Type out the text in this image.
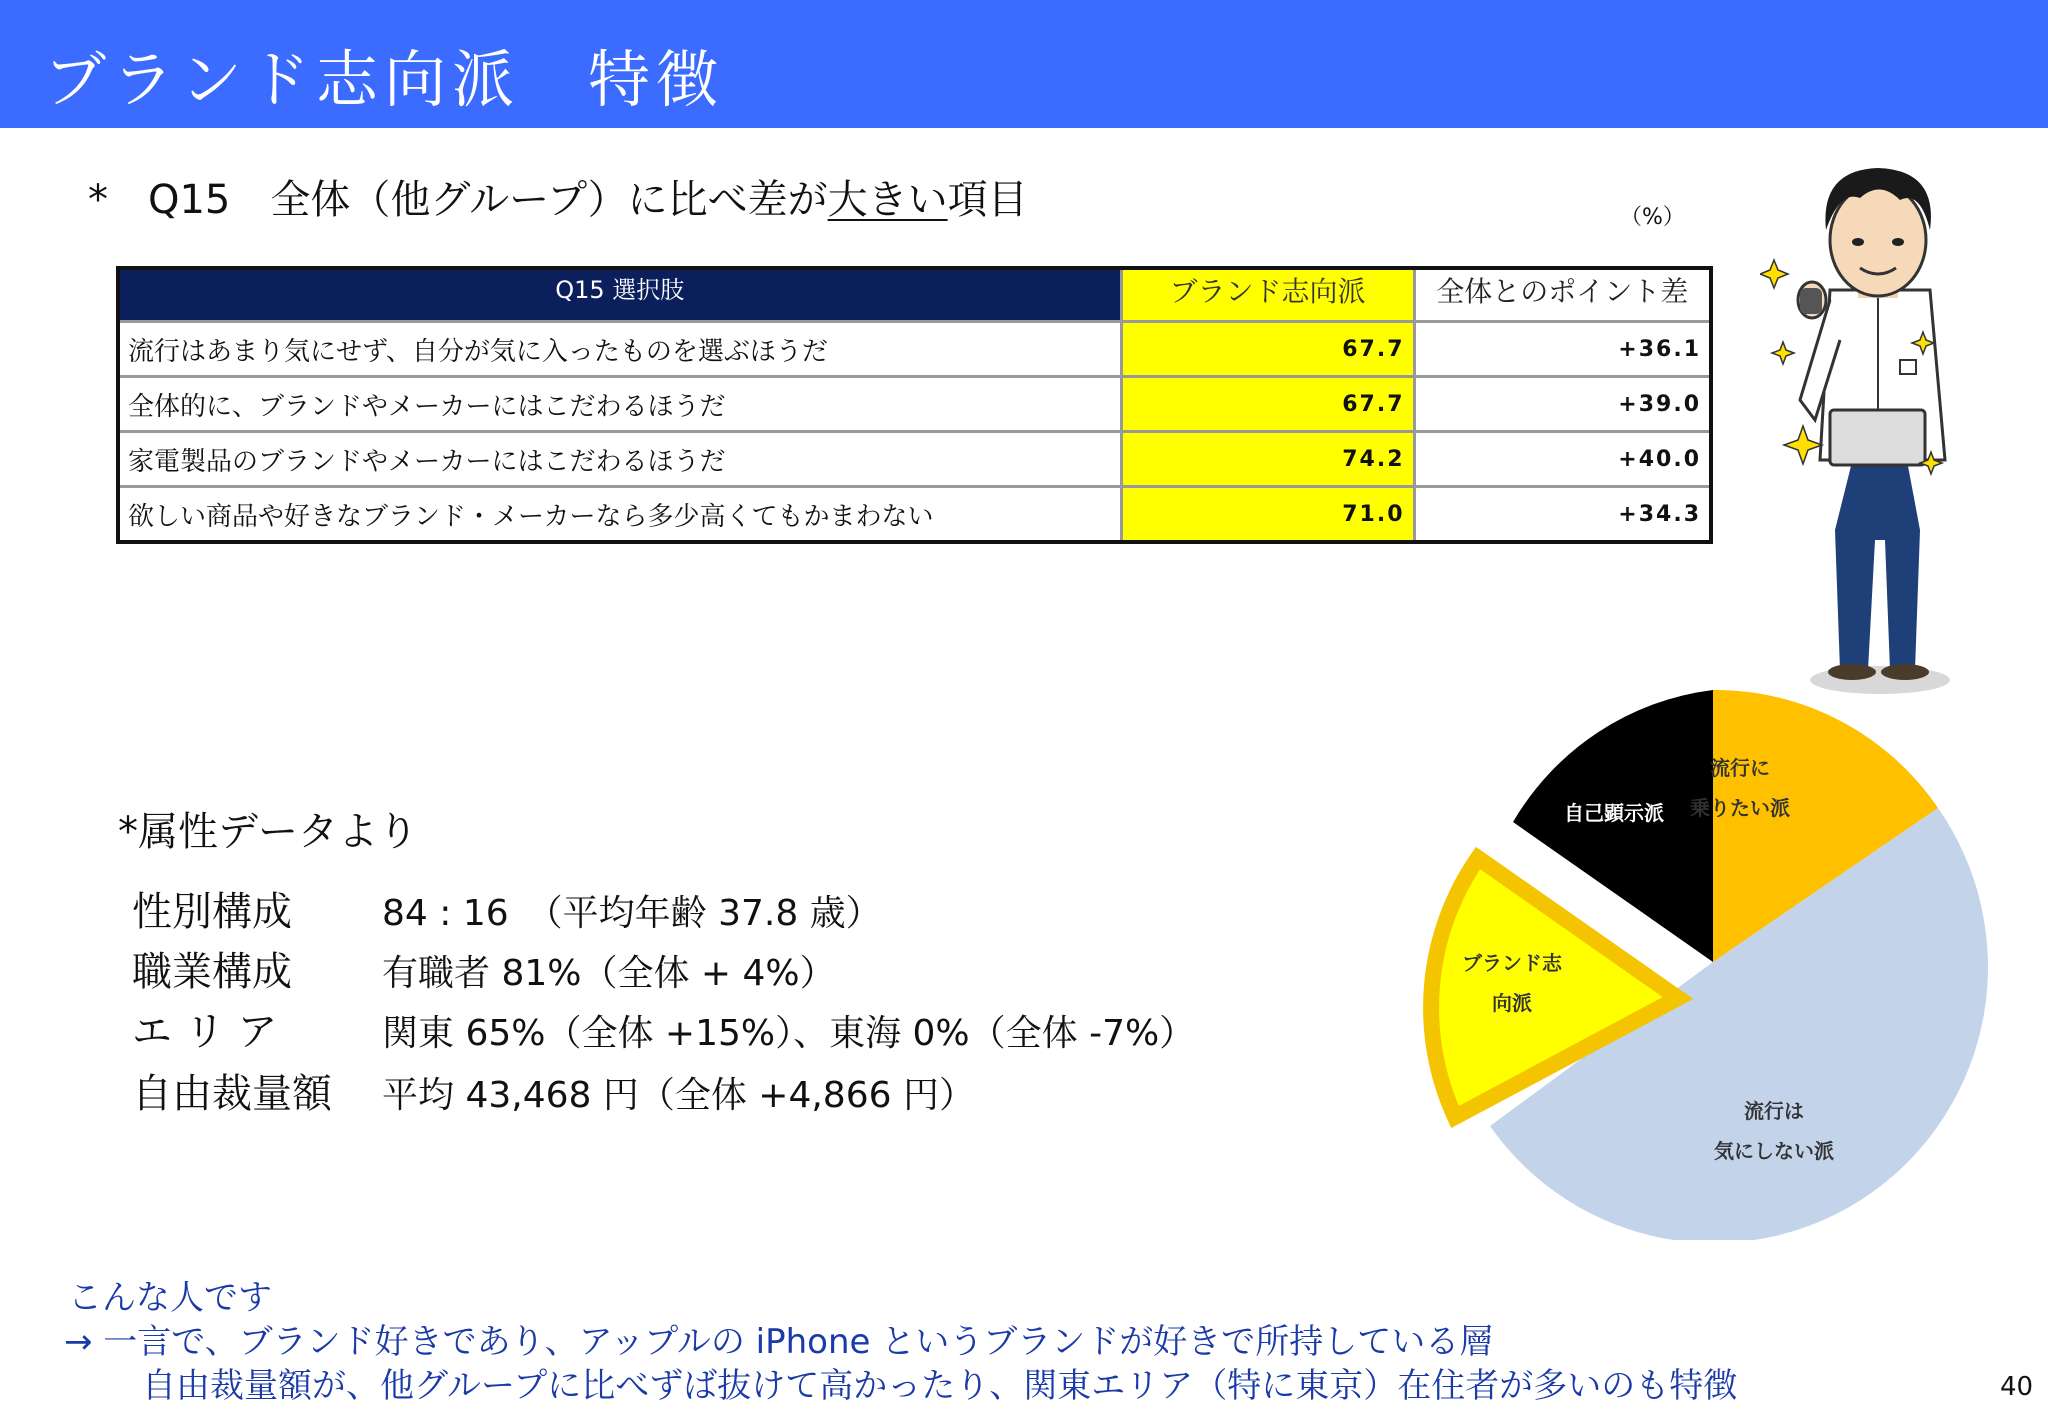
ブランド志向派　特徴
*　Q15　全体（他グループ）に比べ差が大きい項目	（%）
Q15 選択肢	ブランド志向派	全体とのポイント差
流行はあまり気にせず、自分が気に入ったものを選ぶほうだ	67.7	+36.1
全体的に、ブランドやメーカーにはこだわるほうだ	67.7	+39.0
家電製品のブランドやメーカーにはこだわるほうだ	74.2	+40.0
欲しい商品や好きなブランド・メーカーなら多少高くてもかまわない	71.0	+34.3
*属性データより
性別構成	84 : 16　（平均年齢 37.8 歳）
職業構成	有職者 81%（全体 + 4%）
エ リ ア	関東 65%（全体 +15%）、東海 0%（全体 -7%）
自由裁量額 平均 43,468 円（全体 +4,866 円）
流行に
乗りたい派
自己顕示派
ブランド志
向派
流行は
気にしない派
こんな人です
→ 一言で、ブランド好きであり、アップルの iPhone というブランドが好きで所持している層
自由裁量額が、他グループに比べずば抜けて高かったり、関東エリア（特に東京）在住者が多いのも特徴	40
